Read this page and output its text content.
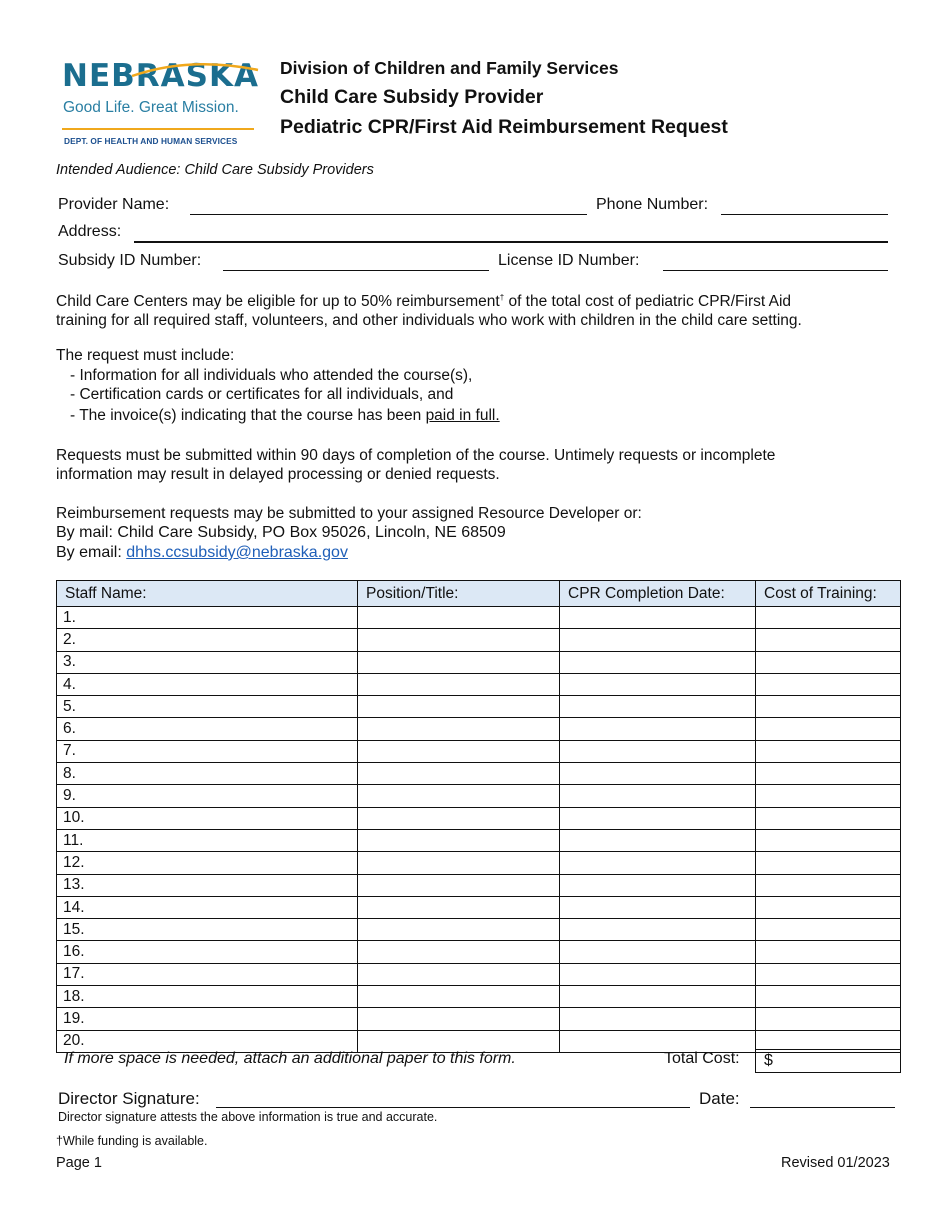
NEBRASKA
Good Life. Great Mission.
DEPT. OF HEALTH AND HUMAN SERVICES
Division of Children and Family Services
Child Care Subsidy Provider
Pediatric CPR/First Aid Reimbursement Request
Intended Audience: Child Care Subsidy Providers
Provider Name:	Phone Number:
Address:
Subsidy ID Number:	License ID Number:
Child Care Centers may be eligible for up to 50% reimbursement† of the total cost of pediatric CPR/First Aid
training for all required staff, volunteers, and other individuals who work with children in the child care setting.
The request must include:
- Information for all individuals who attended the course(s),
- Certification cards or certificates for all individuals, and
- The invoice(s) indicating that the course has been paid in full.
Requests must be submitted within 90 days of completion of the course. Untimely requests or incomplete
information may result in delayed processing or denied requests.
Reimbursement requests may be submitted to your assigned Resource Developer or:
By mail: Child Care Subsidy, PO Box 95026, Lincoln, NE 68509
By email: dhhs.ccsubsidy@nebraska.gov
Staff Name:	Position/Title:	CPR Completion Date:	Cost of Training:
1.			
2.			
3.			
4.			
5.			
6.			
7.			
8.			
9.			
10.			
11.			
12.			
13.			
14.			
15.			
16.			
17.			
18.			
19.			
20.			
If more space is needed, attach an additional paper to this form.	Total Cost:	$
Director Signature:	Date:
Director signature attests the above information is true and accurate.
†While funding is available.
Page 1	Revised 01/2023
